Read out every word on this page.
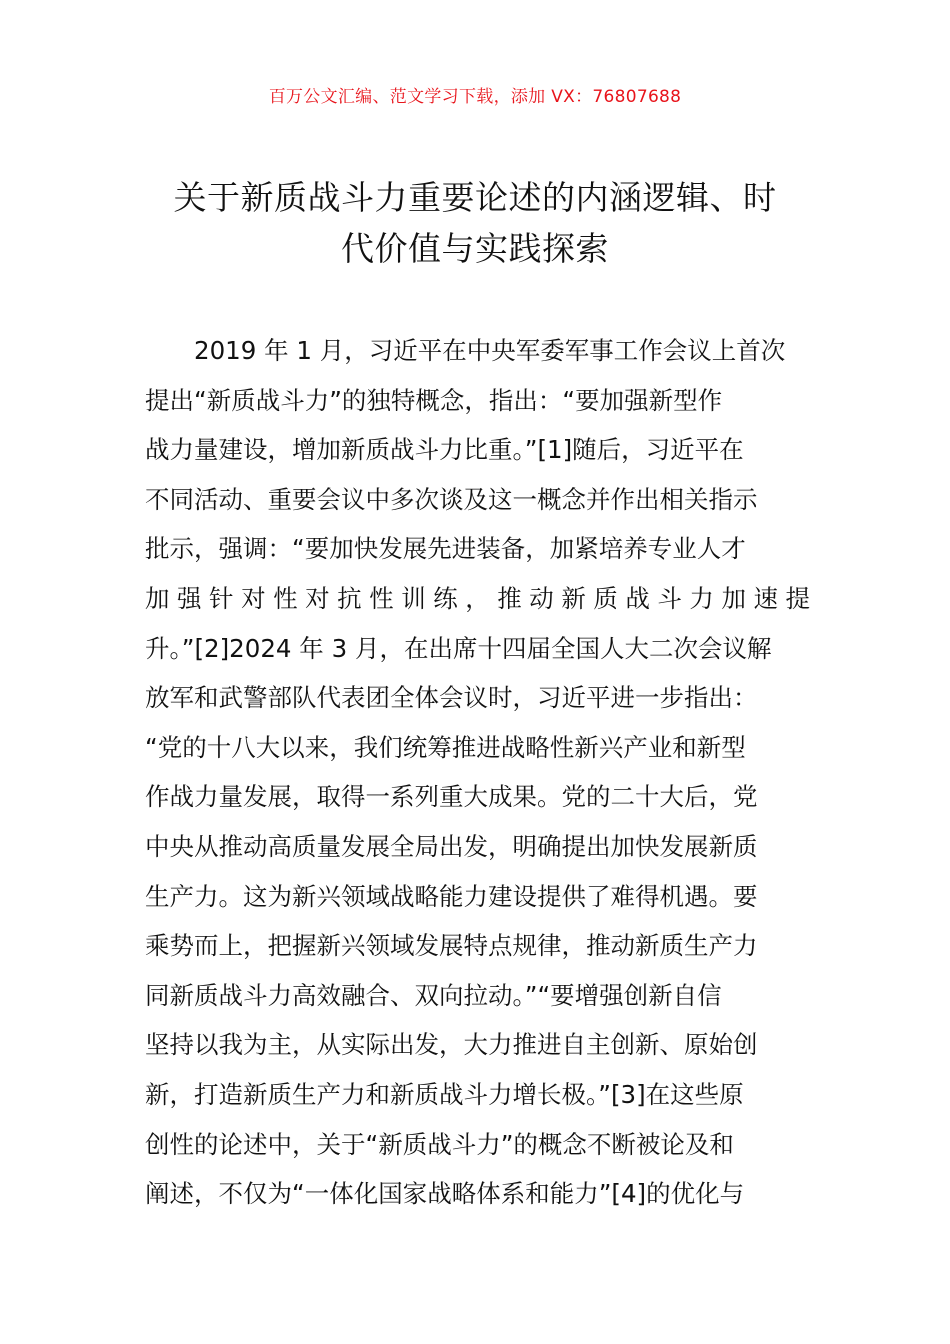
百万公文汇编、范文学习下载，添加 VX：76807688
关于新质战斗力重要论述的内涵逻辑、时
代价值与实践探索
2019 年 1 月，习近平在中央军委军事工作会议上首次
提出“新质战斗力”的独特概念，指出：“要加强新型作
战力量建设，增加新质战斗力比重。”[1]随后，习近平在
不同活动、重要会议中多次谈及这一概念并作出相关指示
批示，强调：“要加快发展先进装备，加紧培养专业人才
加强针对性对抗性训练，推动新质战斗力加速提
升。”[2]2024 年 3 月，在出席十四届全国人大二次会议解
放军和武警部队代表团全体会议时，习近平进一步指出：
“党的十八大以来，我们统筹推进战略性新兴产业和新型
作战力量发展，取得一系列重大成果。党的二十大后，党
中央从推动高质量发展全局出发，明确提出加快发展新质
生产力。这为新兴领域战略能力建设提供了难得机遇。要
乘势而上，把握新兴领域发展特点规律，推动新质生产力
同新质战斗力高效融合、双向拉动。”“要增强创新自信
坚持以我为主，从实际出发，大力推进自主创新、原始创
新，打造新质生产力和新质战斗力增长极。”[3]在这些原
创性的论述中，关于“新质战斗力”的概念不断被论及和
阐述，不仅为“一体化国家战略体系和能力”[4]的优化与
